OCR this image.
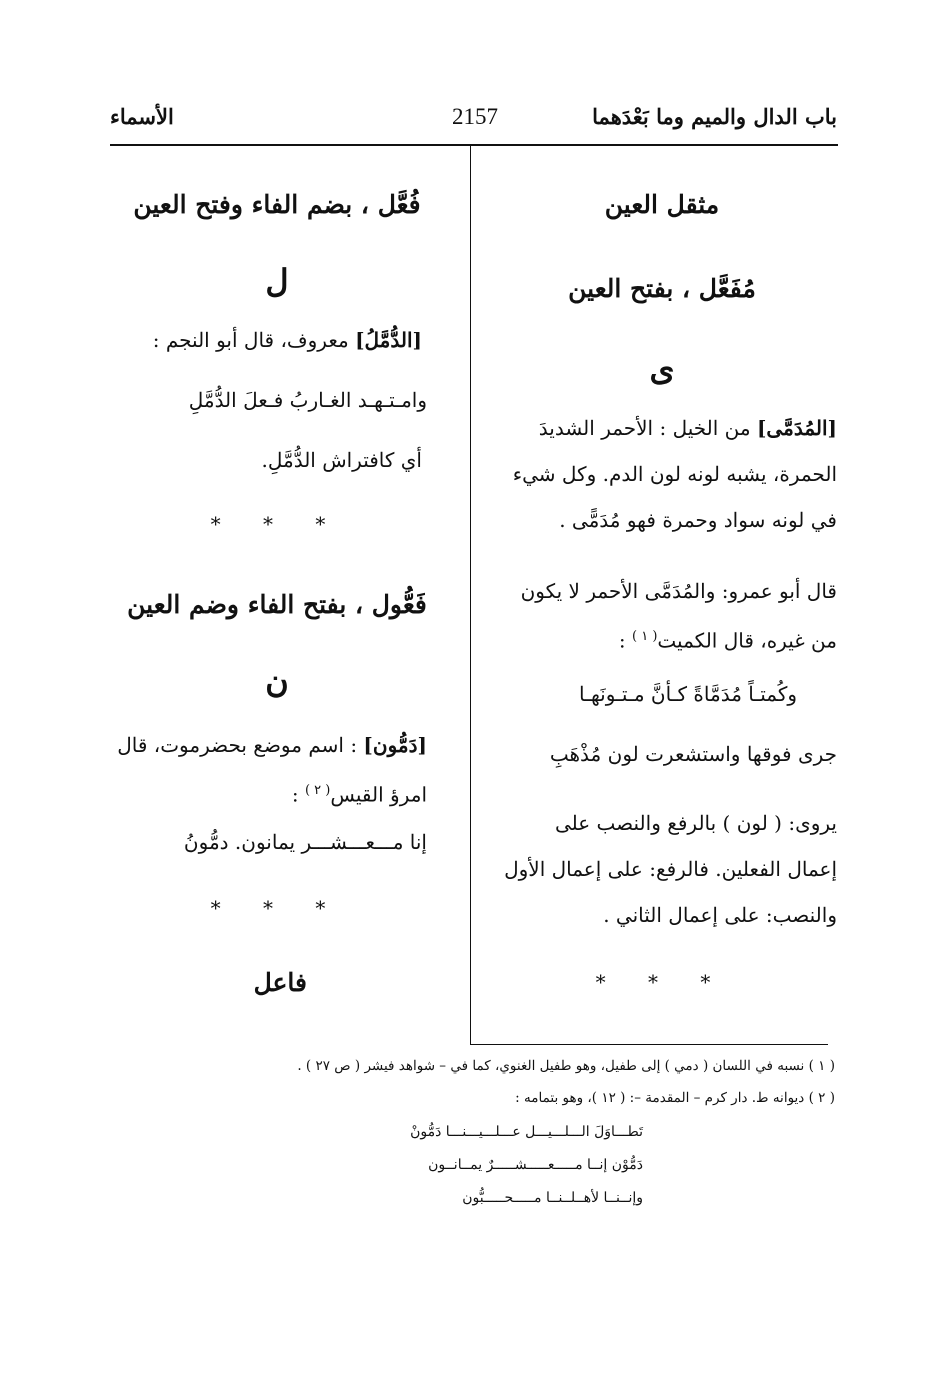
باب الدال والميم وما بَعْدَهما
2157
الأسماء
مثقل العين
مُفَعَّل ، بفتح العين
ى
[المُدَمَّى] من الخيل : الأحمر الشديدَ
الحمرة، يشبه لونه لون الدم. وكل شيء
في لونه سواد وحمرة فهو مُدَمًّى .
قال أبو عمرو: والمُدَمَّى الأحمر لا يكون
من غيره، قال الكميت$^{( ١ )}$ :
وكُمتـاً مُدَمَّاةً كـأنَّ مـتـونَهـا
جرى فوقها واستشعرت لون مُذْهَبِ
يروى: ( لون ) بالرفع والنصب على
إعمال الفعلين. فالرفع: على إعمال الأول
والنصب: على إعمال الثاني .
* * *
فُعَّل ، بضم الفاء وفتح العين
ل
[الدُّمَّلُ] معروف، قال أبو النجم :
وامـتـهـد الغـاربُ فـعلَ الدُّمَّلِ
أي كافتراش الدُّمَّلِ.
* * *
فَعُّول ، بفتح الفاء وضم العين
ن
[دَمُّون] : اسم موضع بحضرموت، قال
امرؤ القيس$^{( ٢ )}$ :
إنا مـــعـــشـــر يمانون. دمُّونُ
* * *
فاعل
( ١ ) نسبه في اللسان ( دمي ) إلى طفيل، وهو طفيل الغنوي، كما في – شواهد فيشر ( ص ٢٧ ) .
( ٢ ) ديوانه ط. دار كرم – المقدمة –: ( ١٢ )، وهو بتمامه :
تَطـــاوَلَ الـــلـــيـــل عـــلـــيـــنـــا دَمُّونْ
دَمُّوْن إنــا مـــــعـــــشـــــرٌ يمــانــون
وإنــنــا لأهــلــنــا مـــــحـــــبُّون
